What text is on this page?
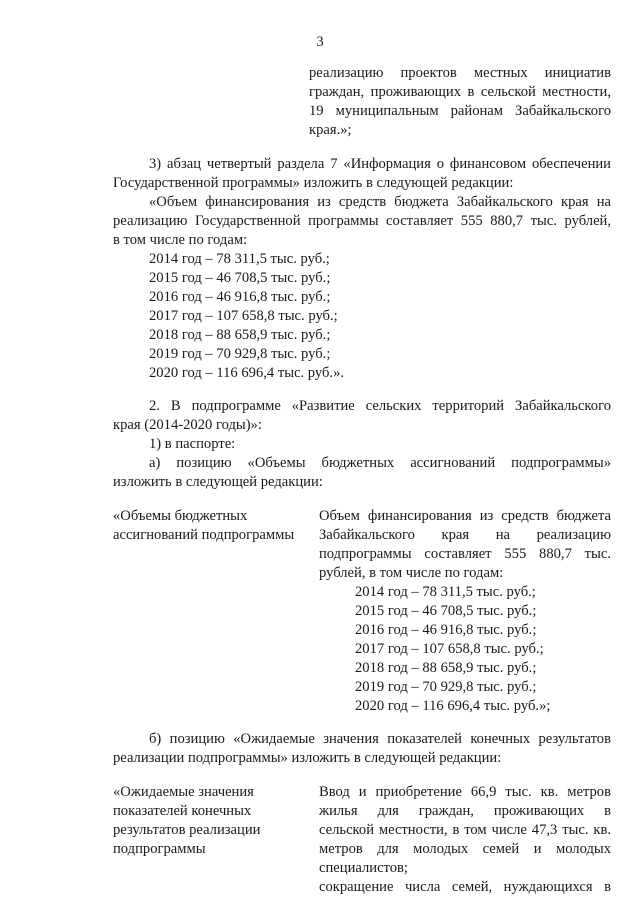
3
реализацию проектов местных инициатив
граждан, проживающих в сельской местности,
19 муниципальным районам Забайкальского
края.»;
3) абзац четвертый раздела 7 «Информация о финансовом обеспечении
Государственной программы» изложить в следующей редакции:
«Объем финансирования из средств бюджета Забайкальского края на
реализацию Государственной программы составляет 555 880,7 тыс. рублей,
в том числе по годам:
2014 год – 78 311,5 тыс. руб.;
2015 год – 46 708,5 тыс. руб.;
2016 год – 46 916,8 тыс. руб.;
2017 год – 107 658,8 тыс. руб.;
2018 год – 88 658,9 тыс. руб.;
2019 год – 70 929,8 тыс. руб.;
2020 год – 116 696,4 тыс. руб.».
2. В подпрограмме «Развитие сельских территорий Забайкальского
края (2014-2020 годы)»:
1) в паспорте:
а) позицию «Объемы бюджетных ассигнований подпрограммы»
изложить в следующей редакции:
«Объемы бюджетных
ассигнований подпрограммы
Объем финансирования из средств бюджета
Забайкальского края на реализацию
подпрограммы составляет 555 880,7 тыс.
рублей, в том числе по годам:
2014 год – 78 311,5 тыс. руб.;
2015 год – 46 708,5 тыс. руб.;
2016 год – 46 916,8 тыс. руб.;
2017 год – 107 658,8 тыс. руб.;
2018 год – 88 658,9 тыс. руб.;
2019 год – 70 929,8 тыс. руб.;
2020 год – 116 696,4 тыс. руб.»;
б) позицию «Ожидаемые значения показателей конечных результатов
реализации подпрограммы» изложить в следующей редакции:
«Ожидаемые значения
показателей конечных
результатов реализации
подпрограммы
Ввод и приобретение 66,9 тыс. кв. метров
жилья для граждан, проживающих в
сельской местности, в том числе 47,3 тыс. кв.
метров для молодых семей и молодых
специалистов;
сокращение числа семей, нуждающихся в
